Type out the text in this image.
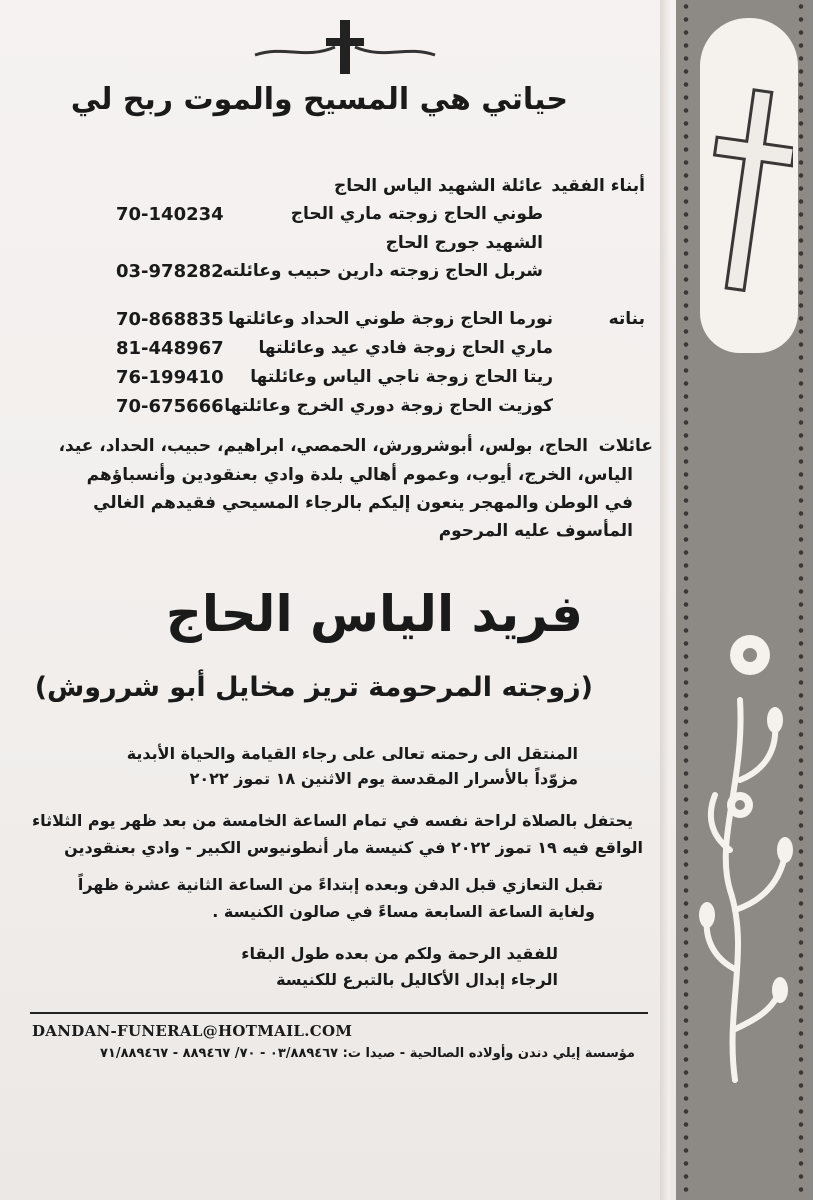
حياتي هي المسيح والموت ربح لي
أبناء الفقيد
عائلة الشهيد الياس الحاج
طوني الحاج زوجته ماري الحاج
الشهيد جورج الحاج
شربل الحاج زوجته دارين حبيب وعائلته
70-140234
03-978282
بناته
نورما الحاج زوجة طوني الحداد وعائلتها
ماري الحاج زوجة فادي عيد وعائلتها
ريتا الحاج زوجة ناجي الياس وعائلتها
كوزيت الحاج زوجة دوري الخرج وعائلتها
70-868835
81-448967
76-199410
70-675666
عائلات
الحاج، بولس، أبوشرورش، الحمصي، ابراهيم، حبيب، الحداد، عيد،
الياس، الخرج، أيوب، وعموم أهالي بلدة وادي بعنقودين وأنسباؤهم
في الوطن والمهجر ينعون إليكم بالرجاء المسيحي فقيدهم الغالي
المأسوف عليه المرحوم
فريد الياس الحاج
(زوجته المرحومة تريز مخايل أبو شرروش)
المنتقل الى رحمته تعالى على رجاء القيامة والحياة الأبدية
مزوّداً بالأسرار المقدسة يوم الاثنين ١٨ تموز ٢٠٢٢
يحتفل بالصلاة لراحة نفسه في تمام الساعة الخامسة من بعد ظهر يوم الثلاثاء
الواقع فيه ١٩ تموز ٢٠٢٢ في كنيسة مار أنطونيوس الكبير - وادي بعنقودين
تقبل التعازي قبل الدفن وبعده إبتداءً من الساعة الثانية عشرة ظهراً
ولغاية الساعة السابعة مساءً في صالون الكنيسة .
للفقيد الرحمة ولكم من بعده طول البقاء
الرجاء إبدال الأكاليل بالتبرع للكنيسة
DANDAN-FUNERAL@HOTMAIL.COM
مؤسسة إيلي دندن وأولاده الصالحية - صيدا ت: ٠٣/٨٨٩٤٦٧ - ٧٠/ ٨٨٩٤٦٧ - ٧١/٨٨٩٤٦٧
